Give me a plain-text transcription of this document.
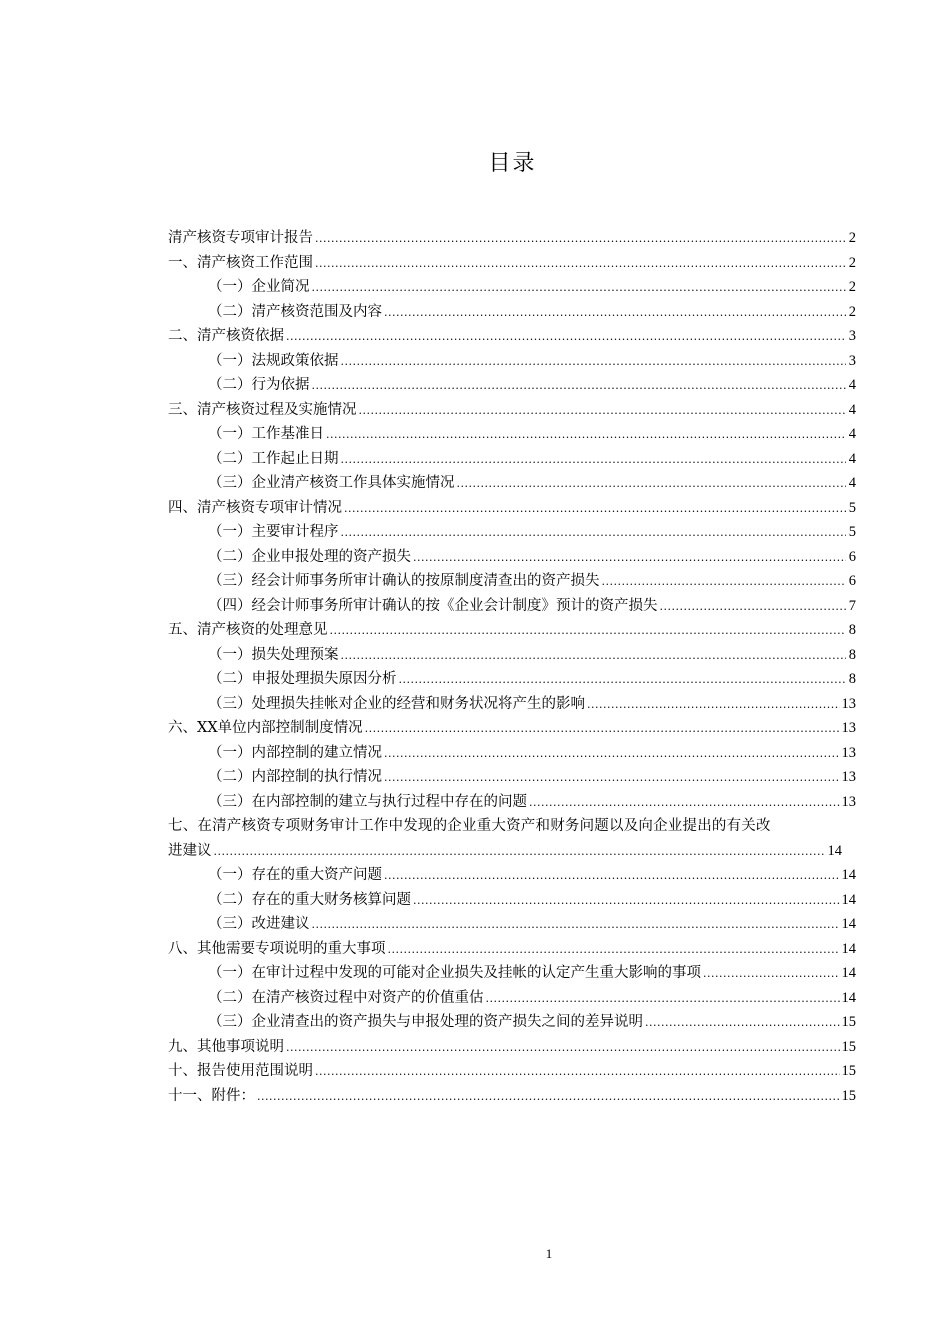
目录
清产核资专项审计报告 .....	2
一、清产核资工作范围 .....	2
（一）企业简况 .....	2
（二）清产核资范围及内容 .....	2
二、清产核资依据 .....	3
（一）法规政策依据 .....	3
（二）行为依据 .....	4
三、清产核资过程及实施情况 .....	4
（一）工作基准日 .....	4
（二）工作起止日期 .....	4
（三）企业清产核资工作具体实施情况 .....	4
四、清产核资专项审计情况 .....	5
（一）主要审计程序 .....	5
（二）企业申报处理的资产损失 .....	6
（三）经会计师事务所审计确认的按原制度清查出的资产损失 .....	6
（四）经会计师事务所审计确认的按《企业会计制度》预计的资产损失 .....	7
五、清产核资的处理意见 .....	8
（一）损失处理预案 .....	8
（二）申报处理损失原因分析 .....	8
（三）处理损失挂帐对企业的经营和财务状况将产生的影响 .....	13
六、XX单位内部控制制度情况 .....	13
（一）内部控制的建立情况 .....	13
（二）内部控制的执行情况 .....	13
（三）在内部控制的建立与执行过程中存在的问题 .....	13
七、在清产核资专项财务审计工作中发现的企业重大资产和财务问题以及向企业提出的有关改
进建议 .....	14
（一）存在的重大资产问题 .....	14
（二）存在的重大财务核算问题 .....	14
（三）改进建议 .....	14
八、其他需要专项说明的重大事项 .....	14
（一）在审计过程中发现的可能对企业损失及挂帐的认定产生重大影响的事项 .....	14
（二）在清产核资过程中对资产的价值重估 .....	14
（三）企业清查出的资产损失与申报处理的资产损失之间的差异说明 .....	15
九、其他事项说明 .....	15
十、报告使用范围说明 .....	15
十一、附件： .....	15
1
